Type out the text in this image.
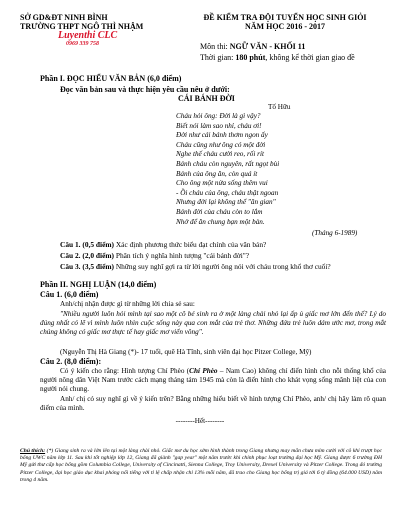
SỞ GD&ĐT NINH BÌNH
TRƯỜNG THPT NGÔ THÌ NHẬM
Luyenthi CLC
0969 339 758
ĐỀ KIỂM TRA ĐỘI TUYỂN HỌC SINH GIỎI
NĂM HỌC 2016 - 2017
Môn thi: NGỮ VĂN - KHỐI 11
Thời gian: 180 phút, không kể thời gian giao đề
Phần I. ĐỌC HIỂU VĂN BẢN (6,0 điểm)
Đọc văn bản sau và thực hiện yêu cầu nêu ở dưới:
CÁI BÁNH ĐỜI
Tố Hữu
Cháu hỏi ông: Đời là gì vậy?
Biết nói làm sao nhỉ, cháu ơi!
Đời như cái bánh thơm ngon ấy
Cháu cũng như ông có một đời
Nghe thế cháu cười reo, rối rít
Bánh cháu còn nguyên, rất ngọt bùi
Bánh của ông ăn, còn quá ít
Cho ông một nửa sống thêm vui
- Ồi cháu của ông, cháu thật ngoan
Nhưng đời lại không thể "ăn gian"
Bánh đời của cháu còn to lắm
Nhớ để ăn chung bạn một bàn.
(Tháng 6-1989)
Câu 1. (0,5 điểm) Xác định phương thức biểu đạt chính của văn bản?
Câu 2. (2,0 điểm) Phân tích ý nghĩa hình tượng "cái bánh đời"?
Câu 3. (3,5 điểm) Những suy nghĩ gợi ra từ lời người ông nói với cháu trong khổ thơ cuối?
Phần II. NGHỊ LUẬN (14,0 điểm)
Câu 1. (6,0 điểm)
Anh/chị nhận được gì từ những lời chia sẻ sau:
"Nhiều người luôn hỏi mình tại sao một cô bé sinh ra ở một làng chài nhỏ lại ấp ủ giấc mơ lớn đến thế? Lý do đúng nhất có lẽ vì mình luôn nhìn cuộc sống này qua con mắt của trẻ thơ. Những đứa trẻ luôn dám ước mơ, trong mắt chúng không có giấc mơ thực tế hay giấc mơ viển vông".
(Nguyễn Thị Hà Giang (*)- 17 tuổi, quê Hà Tĩnh, sinh viên đại học Pitzer College, Mỹ)
Câu 2. (8,0 điểm):
Có ý kiến cho rằng: Hình tượng Chí Phèo (Chí Phèo – Nam Cao) không chỉ điển hình cho nỗi thống khổ của người nông dân Việt Nam trước cách mạng tháng tám 1945 mà còn là điển hình cho khát vọng sống mãnh liệt của con người nói chung.
Anh/ chị có suy nghĩ gì về ý kiến trên? Bằng những hiểu biết về hình tượng Chí Phèo, anh/ chị hãy làm rõ quan điểm của mình.
--------Hết--------
Chú thích: (*) Giang sinh ra và lớn lên tại một làng chài nhỏ. Giấc mơ du học sớm hình thành trong Giang nhưng may mắn chưa mỉm cười với cô khi trượt học bổng UWC năm lớp 11. Sau khi tốt nghiệp lớp 12, Giang đã giành "gap year" một năm trước khi chính phục loạt trường đại học Mỹ. Giang được 6 trường ĐH Mỹ gửi thư cấp học bổng gồm Columbia College, University of Cincinatti, Sienna College, Troy University, Drexel University và Pitzer College. Trong đó trường Pitzer College, đại học giáo dục khai phóng nổi tiếng với tỉ lệ chấp nhận chỉ 13% mỗi năm, đã trao cho Giang học bổng trị giá tới 6 tỷ đồng (64.000 USD) năm trong 4 năm.
